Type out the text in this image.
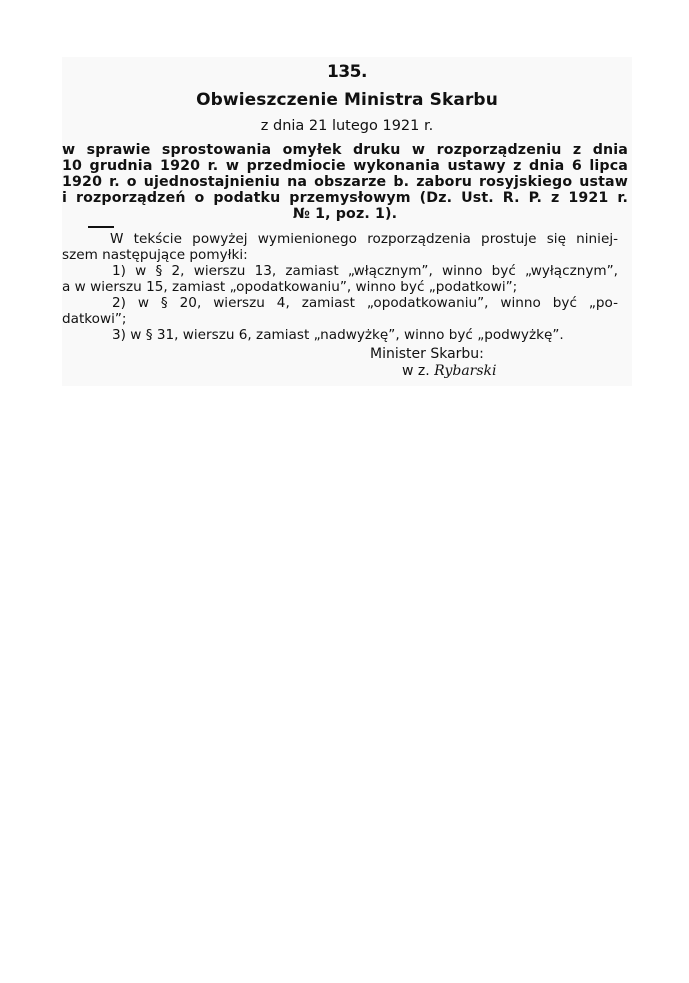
135.
Obwieszczenie Ministra Skarbu
z dnia 21 lutego 1921 r.
w sprawie sprostowania omyłek druku w rozporządzeniu z dnia
10 grudnia 1920 r. w przedmiocie wykonania ustawy z dnia 6 lipca
1920 r. o ujednostajnieniu na obszarze b. zaboru rosyjskiego ustaw
i rozporządzeń o podatku przemysłowym (Dz. Ust. R. P. z 1921 r.
№ 1, poz. 1).
W tekście powyżej wymienionego rozporządzenia prostuje się niniej-
szem następujące pomyłki:
1) w § 2, wierszu 13, zamiast „włącznym”, winno być „wyłącznym”,
a w wierszu 15, zamiast „opodatkowaniu”, winno być „podatkowi”;
2) w § 20, wierszu 4, zamiast „opodatkowaniu”, winno być „po-
datkowi”;
3) w § 31, wierszu 6, zamiast „nadwyżkę”, winno być „podwyżkę”.
Minister Skarbu:
w z. Rybarski
